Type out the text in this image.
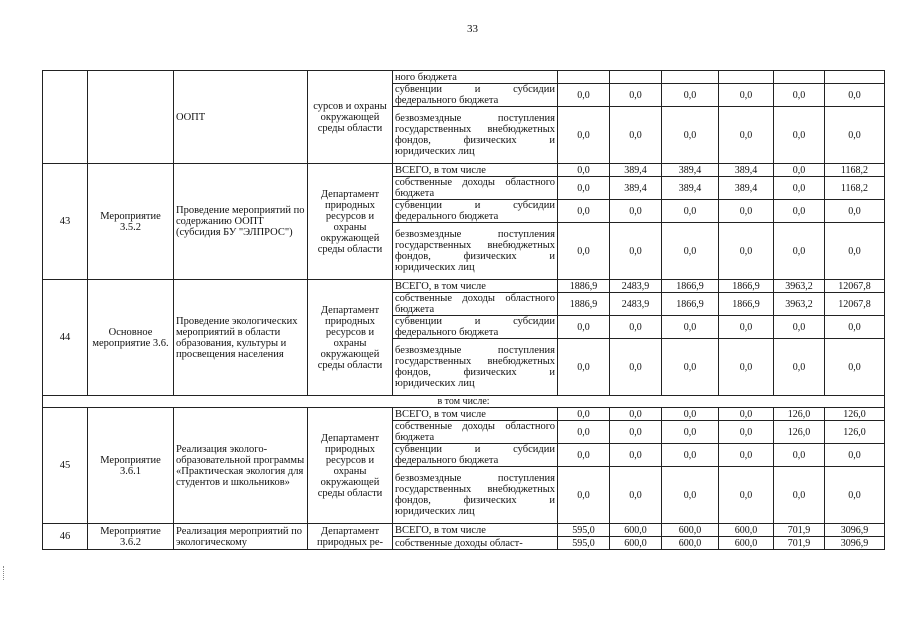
33
		ООПТ	сурсов и охраны окружающей среды области	ного бюджета						
				субвенции и субсидии федерального бюджета	0,0	0,0	0,0	0,0	0,0	0,0
				безвозмездные поступления государственных внебюджетных фондов, физических и юридических лиц	0,0	0,0	0,0	0,0	0,0	0,0
43	Мероприятие 3.5.2	Проведение мероприятий по содержанию ООПТ (субсидия БУ "ЭЛПРОС")	Департамент природных ресурсов и охраны окружающей среды области	ВСЕГО, в том числе	0,0	389,4	389,4	389,4	0,0	1168,2
				собственные доходы областного бюджета	0,0	389,4	389,4	389,4	0,0	1168,2
				субвенции и субсидии федерального бюджета	0,0	0,0	0,0	0,0	0,0	0,0
				безвозмездные поступления государственных внебюджетных фондов, физических и юридических лиц	0,0	0,0	0,0	0,0	0,0	0,0
44	Основное мероприятие 3.6.	Проведение экологических мероприятий в области образования, культуры и просвещения населения	Департамент природных ресурсов и охраны окружающей среды области	ВСЕГО, в том числе	1886,9	2483,9	1866,9	1866,9	3963,2	12067,8
				собственные доходы областного бюджета	1886,9	2483,9	1866,9	1866,9	3963,2	12067,8
				субвенции и субсидии федерального бюджета	0,0	0,0	0,0	0,0	0,0	0,0
				безвозмездные поступления государственных внебюджетных фондов, физических и юридических лиц	0,0	0,0	0,0	0,0	0,0	0,0
в том числе:										
45	Мероприятие 3.6.1	Реализация эколого-образовательной программы «Практическая экология для студентов и школьников»	Департамент природных ресурсов и охраны окружающей среды области	ВСЕГО, в том числе	0,0	0,0	0,0	0,0	126,0	126,0
				собственные доходы областного бюджета	0,0	0,0	0,0	0,0	126,0	126,0
				субвенции и субсидии федерального бюджета	0,0	0,0	0,0	0,0	0,0	0,0
				безвозмездные поступления государственных внебюджетных фондов, физических и юридических лиц	0,0	0,0	0,0	0,0	0,0	0,0
46	Мероприятие 3.6.2	Реализация мероприятий по экологическому	Департамент природных ре-	ВСЕГО, в том числе	595,0	600,0	600,0	600,0	701,9	3096,9
				собственные доходы област-	595,0	600,0	600,0	600,0	701,9	3096,9
